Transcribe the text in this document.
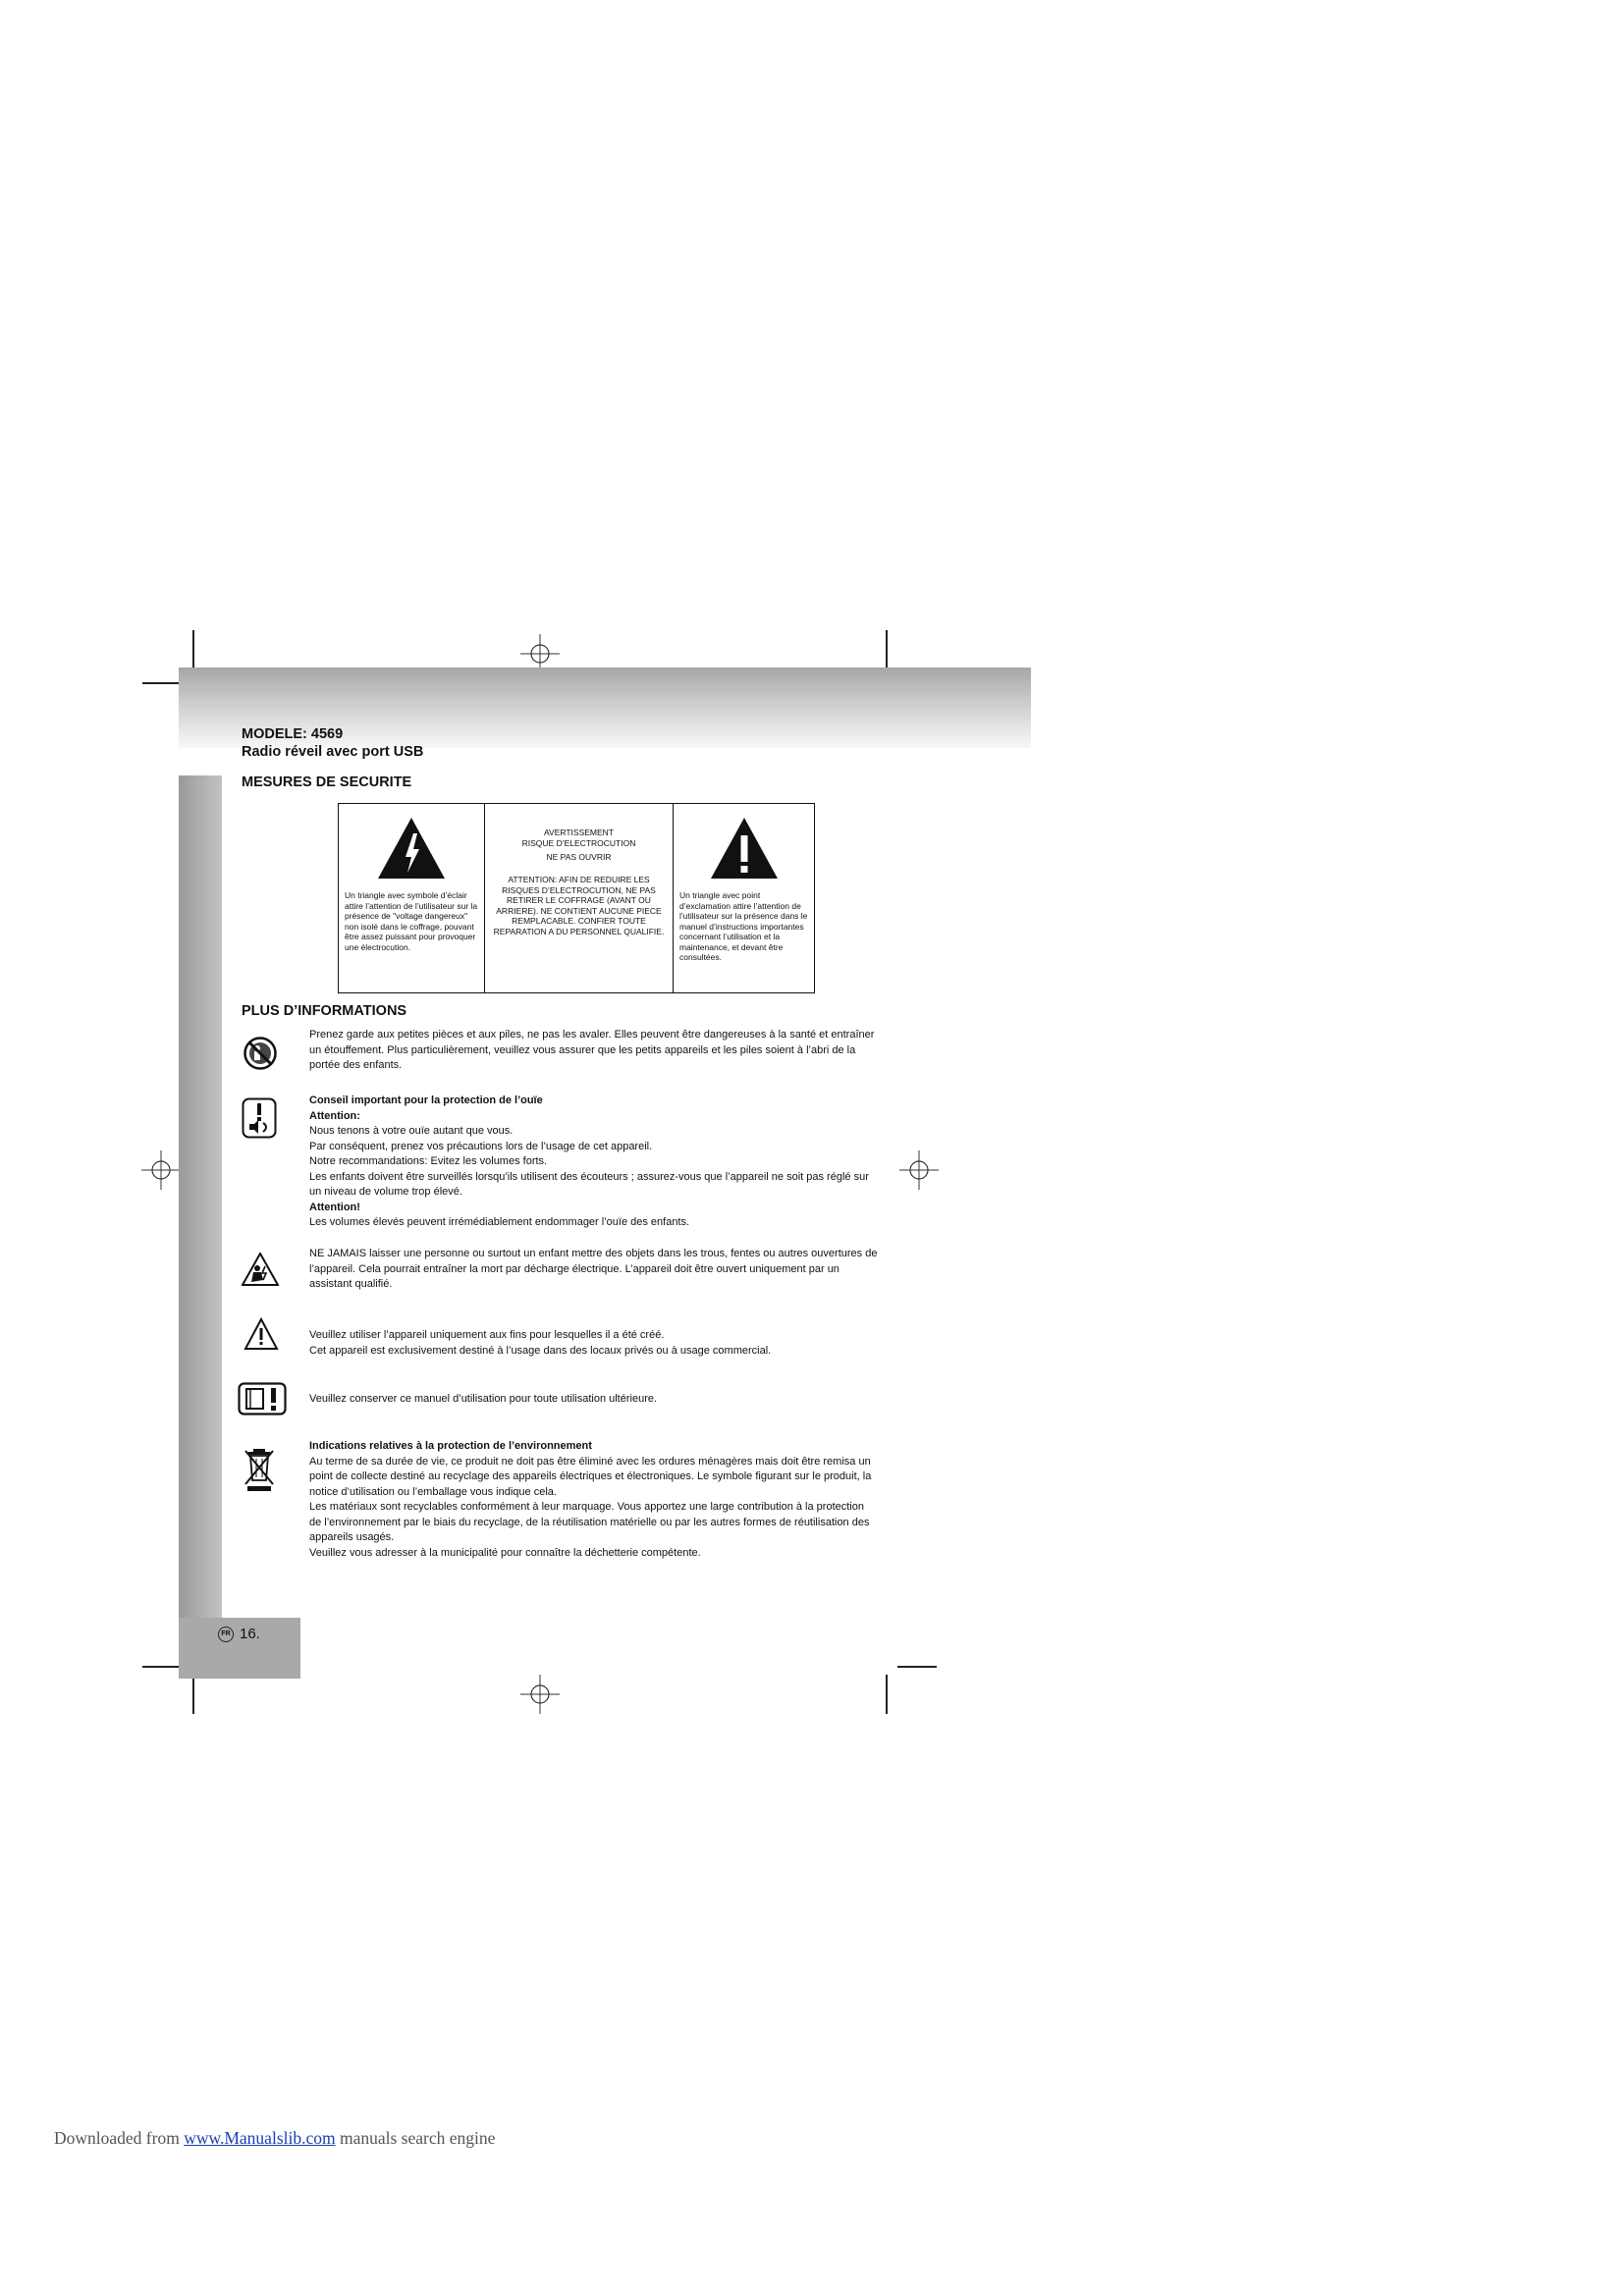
FR 16.
MODELE: 4569
Radio réveil avec port USB
MESURES DE SECURITE
Un triangle avec symbole d’éclair attire l’attention de l’utilisateur sur la présence de "voltage dangereux" non isolé dans le coffrage, pouvant être assez puissant pour provoquer une électrocution.
AVERTISSEMENT
RISQUE D’ELECTROCUTION
NE PAS OUVRIR
ATTENTION: AFIN DE REDUIRE LES RISQUES D’ELECTROCUTION, NE PAS RETIRER LE COFFRAGE (AVANT OU ARRIERE). NE CONTIENT AUCUNE PIECE REMPLACABLE. CONFIER TOUTE REPARATION A DU PERSONNEL QUALIFIE.
Un triangle avec point d’exclamation attire l’attention de l’utilisateur sur la présence dans le manuel d’instructions importantes concernant l’utilisation et la maintenance, et devant être consultées.
PLUS D’INFORMATIONS
Prenez garde aux petites pièces et aux piles, ne pas les avaler. Elles peuvent être dangereuses à la santé et entraîner un étouffement. Plus particulièrement, veuillez vous assurer que les petits appareils et les piles soient à l’abri de la portée des enfants.

Conseil important pour la protection de l’ouïe

Attention:

Nous tenons à votre ouïe autant que vous.

Par conséquent, prenez vos précautions lors de l’usage de cet appareil.

Notre recommandations: Evitez les volumes forts.

Les enfants doivent être surveillés lorsqu’ils utilisent des écouteurs ; assurez-vous que l’appareil ne soit pas réglé sur un niveau de volume trop élevé.

Attention!

Les volumes élevés peuvent irrémédiablement endommager l’ouïe des enfants.

NE JAMAIS laisser une personne ou surtout un enfant mettre des objets dans les trous, fentes ou autres ouvertures de l’appareil. Cela pourrait entraîner la mort par décharge électrique. L’appareil doit être ouvert uniquement par un assistant qualifié.

Veuillez utiliser l’appareil uniquement aux fins pour lesquelles il a été créé.

Cet appareil est exclusivement destiné à l’usage dans des locaux privés ou à usage commercial.

Veuillez conserver ce manuel d’utilisation pour toute utilisation ultérieure.

Indications relatives à la protection de l’environnement

Au terme de sa durée de vie, ce produit ne doit pas être éliminé avec les ordures ménagères mais doit être remisa un point de collecte destiné au recyclage des appareils électriques et électroniques. Le symbole figurant sur le produit, la notice d’utilisation ou l’emballage vous indique cela.

Les matériaux sont recyclables conformément à leur marquage. Vous apportez une large contribution à la protection de l’environnement par le biais du recyclage, de la réutilisation matérielle ou par les autres formes de réutilisation des appareils usagés.

Veuillez vous adresser à la municipalité pour connaître la déchetterie compétente.

Downloaded from www.Manualslib.com manuals search engine
